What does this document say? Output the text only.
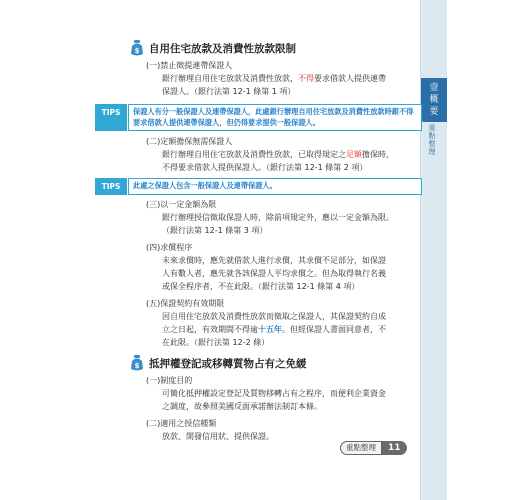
壹
概
要
重點整理
$ 自用住宅放款及消費性放款限制
(一)禁止徵提連帶保證人
銀行辦理自用住宅放款及消費性放款，不得要求借款人提供連帶
保證人。（銀行法第 12-1 條第 1 項）
TIPS	保證人有分一般保證人及連帶保證人，此處銀行辦理自用住宅放款及消費性放款時銀不得要求借款人提供連帶保證人，但仍得要求提供一般保證人。
(二)定額擔保無需保證人
銀行辦理自用住宅放款及消費性放款，已取得規定之足額擔保時，
不得要求借款人提供保證人。（銀行法第 12-1 條第 2 項）
TIPS	此處之保證人包含一般保證人及連帶保證人。
(三)以一定金額為限
銀行辦理授信徵取保證人時，除前項規定外，應以一定金額為限。
（銀行法第 12-1 條第 3 項）
(四)求償程序
未來求償時，應先就借款人進行求償，其求償不足部分，如保證
人有數人者，應先就各該保證人平均求償之。但為取得執行名義
或保全程序者，不在此限。（銀行法第 12-1 條第 4 項）
(五)保證契約有效期限
因自用住宅放款及消費性放款而徵取之保證人，其保證契約自成
立之日起，有效期間不得逾十五年。但經保證人書面同意者，不
在此限。（銀行法第 12-2 條）
$ 抵押權登記或移轉質物占有之免緩
(一)制度目的
可簡化抵押權設定登記及質物移轉占有之程序，而便利企業資金
之調度，故參照美國反面承諾辦法制訂本條。
(二)適用之授信種類
放款、開發信用狀、提供保證。
重點整理	11
